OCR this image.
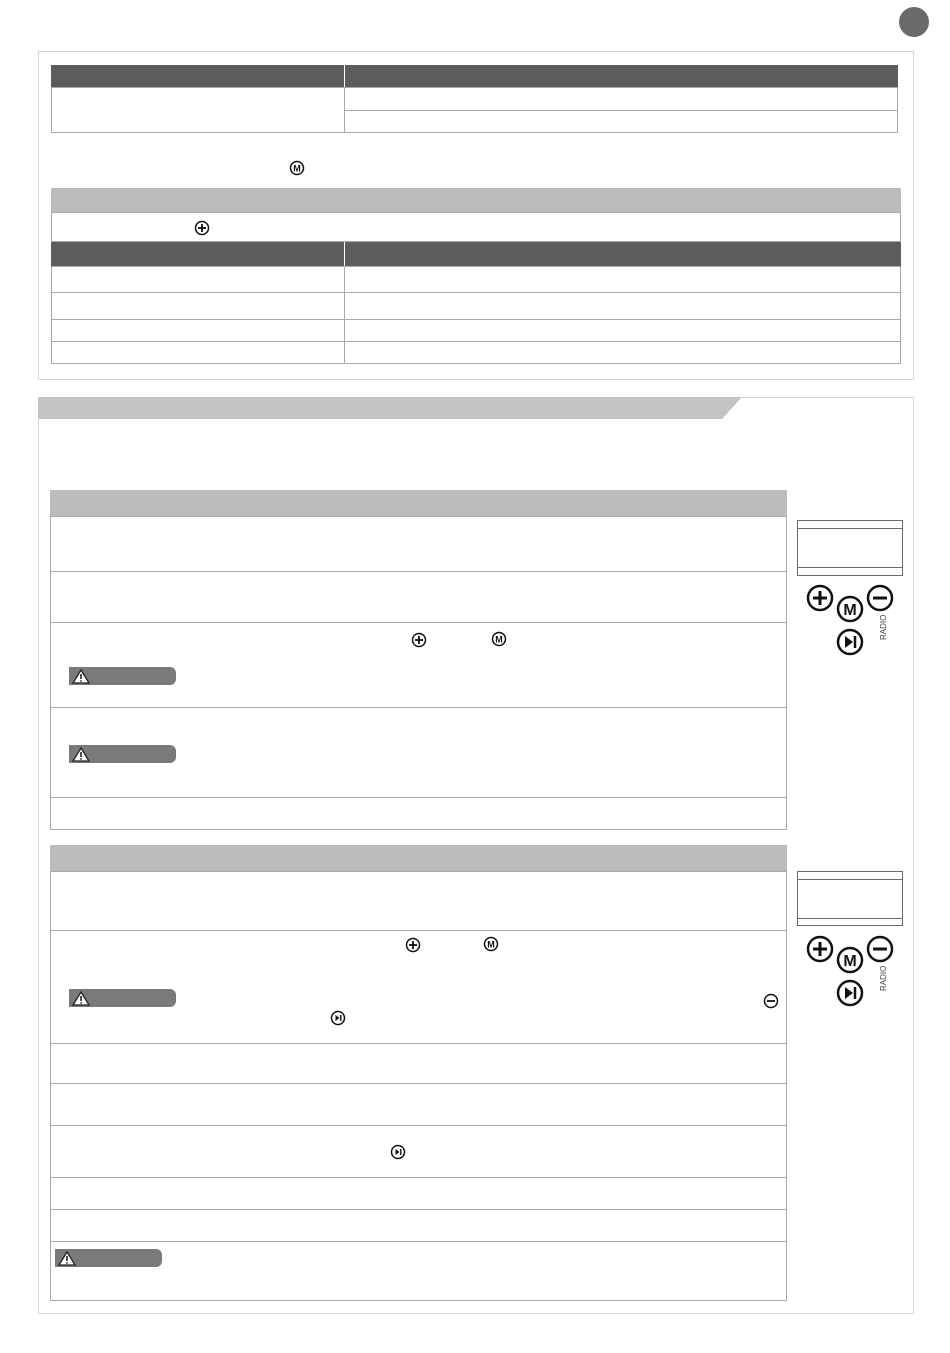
M
M
M
RADIO
M
M
RADIO
